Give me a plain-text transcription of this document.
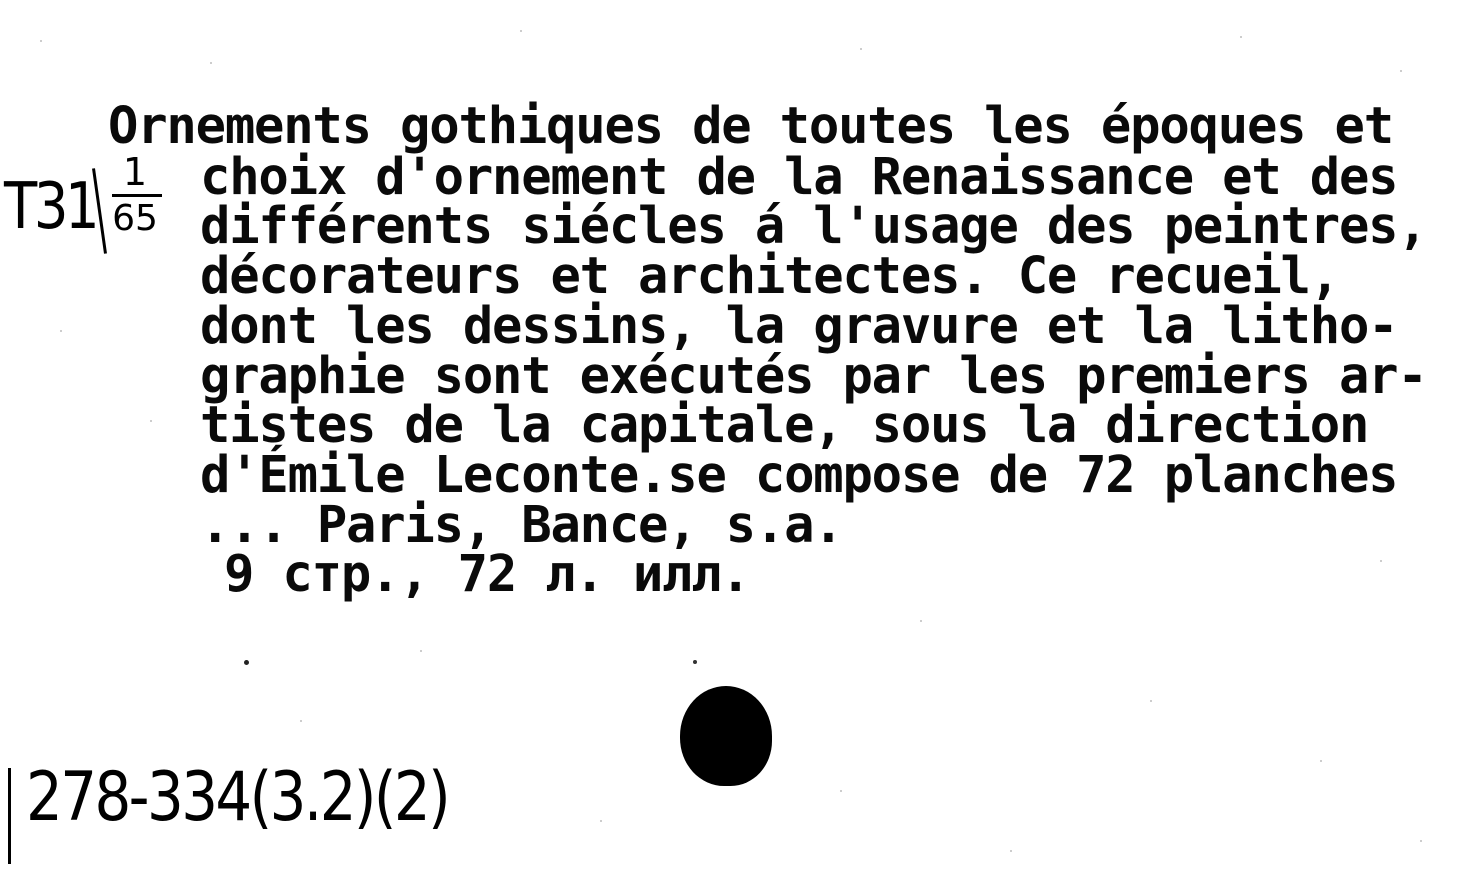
T31 1
65

Ornements gothiques de toutes les époques et

choix d'ornement de la Renaissance et des

différents siécles á l'usage des peintres,

décorateurs et architectes. Ce recueil,

dont les dessins, la gravure et la litho-

graphie sont exécutés par les premiers ar-

tistes de la capitale, sous la direction

d'Émile Leconte.se compose de 72 planches

... Paris, Bance, s.a.

9 стр., 72 л. илл.

278-334(3.2)(2)
